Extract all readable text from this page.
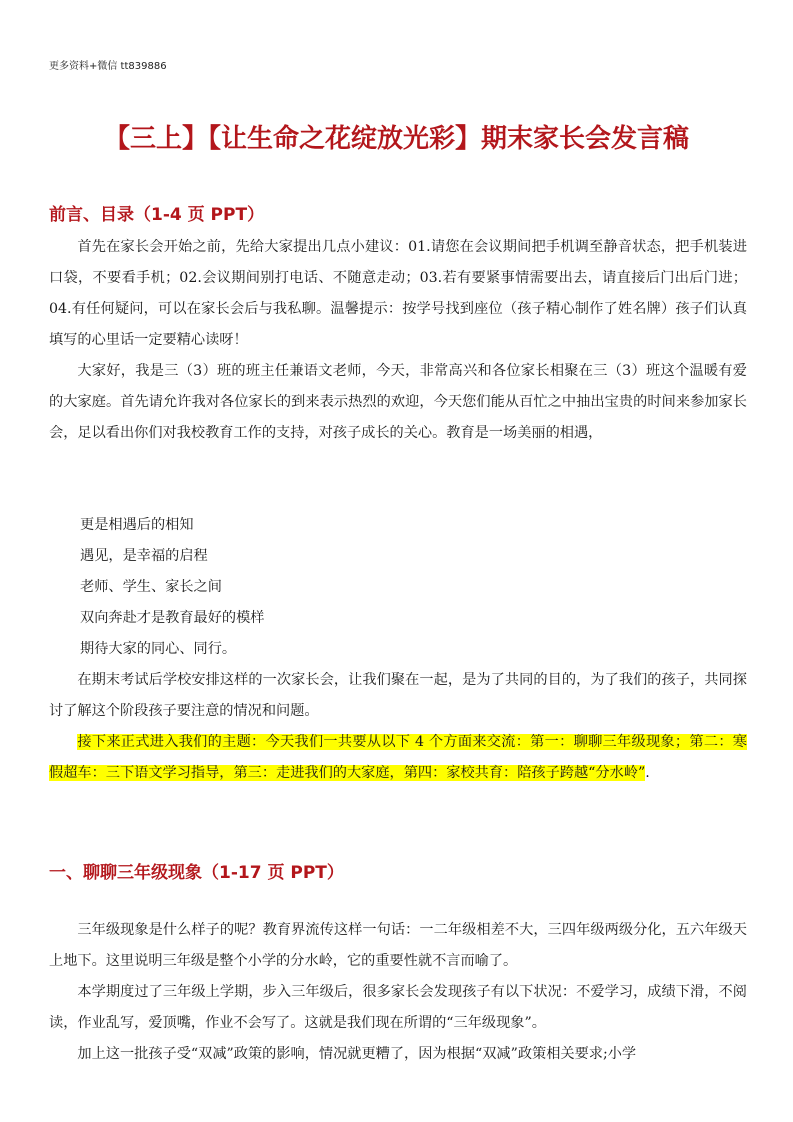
更多资料+微信 tt839886
【三上】【让生命之花绽放光彩】期末家长会发言稿
前言、目录（1-4 页 PPT）

首先在家长会开始之前，先给大家提出几点小建议：01.请您在会议期间把手机调至静音状态，把手机装进口袋，不要看手机；02.会议期间别打电话、不随意走动；03.若有要紧事情需要出去，请直接后门出后门进；04.有任何疑问，可以在家长会后与我私聊。温馨提示：按学号找到座位（孩子精心制作了姓名牌）孩子们认真填写的心里话一定要精心读呀！

大家好，我是三（3）班的班主任兼语文老师，今天，非常高兴和各位家长相聚在三（3）班这个温暖有爱的大家庭。首先请允许我对各位家长的到来表示热烈的欢迎，今天您们能从百忙之中抽出宝贵的时间来参加家长会，足以看出你们对我校教育工作的支持，对孩子成长的关心。教育是一场美丽的相遇，

更是相遇后的相知
遇见，是幸福的启程
老师、学生、家长之间
双向奔赴才是教育最好的模样
期待大家的同心、同行。

在期末考试后学校安排这样的一次家长会，让我们聚在一起，是为了共同的目的，为了我们的孩子，共同探讨了解这个阶段孩子要注意的情况和问题。

接下来正式进入我们的主题：今天我们一共要从以下 4 个方面来交流：第一：聊聊三年级现象；第二：寒假超车：三下语文学习指导，第三：走进我们的大家庭，第四：家校共育：陪孩子跨越“分水岭”.

一、聊聊三年级现象（1-17 页 PPT）

三年级现象是什么样子的呢？教育界流传这样一句话：一二年级相差不大，三四年级两级分化，五六年级天上地下。这里说明三年级是整个小学的分水岭，它的重要性就不言而喻了。

本学期度过了三年级上学期，步入三年级后，很多家长会发现孩子有以下状况：不爱学习，成绩下滑，不阅读，作业乱写，爱顶嘴，作业不会写了。这就是我们现在所谓的“三年级现象”。

加上这一批孩子受“双减”政策的影响，情况就更糟了，因为根据“双减”政策相关要求;小学
